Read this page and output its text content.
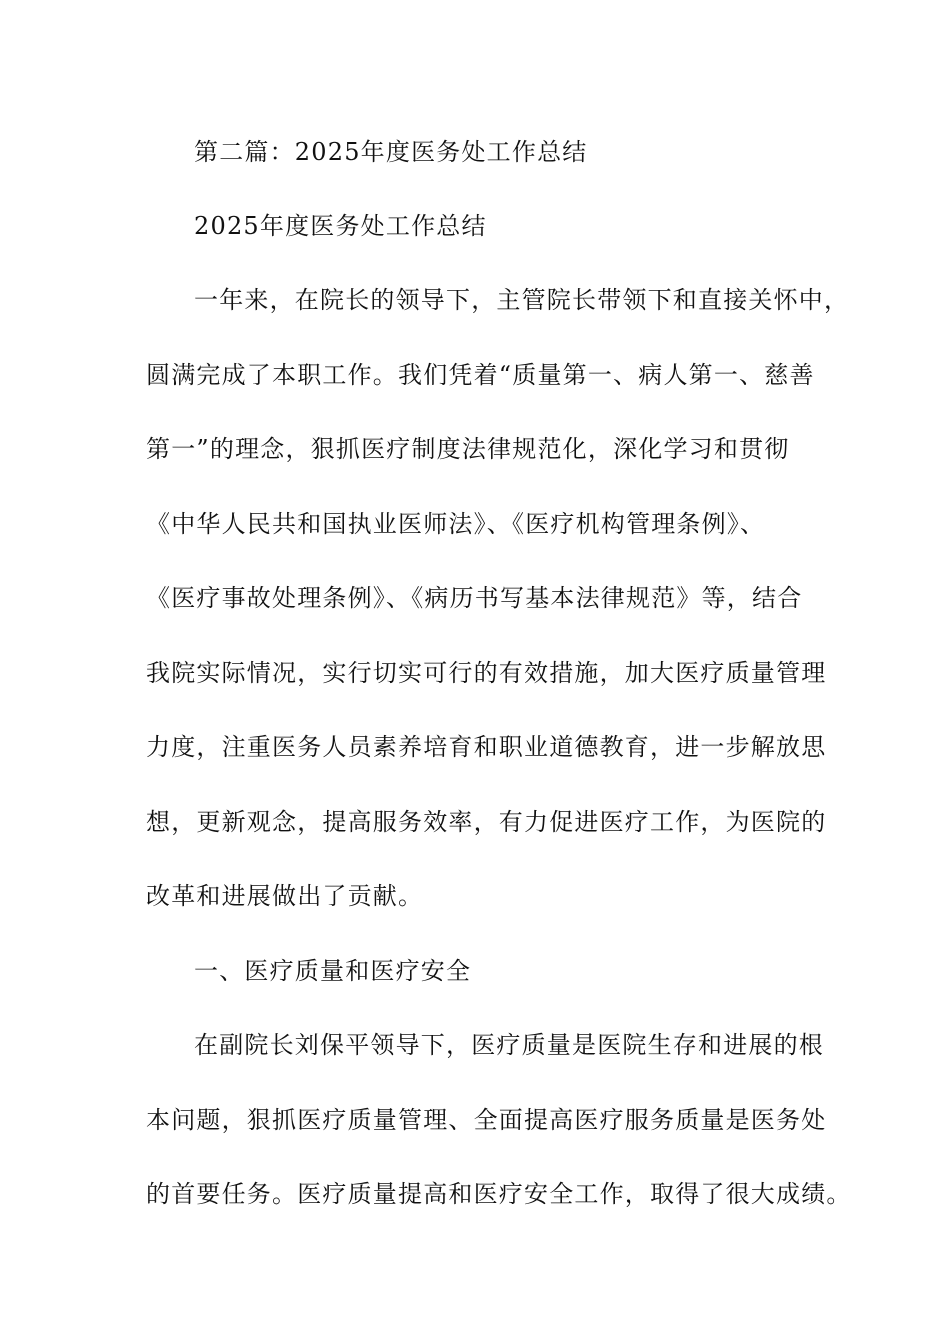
第二篇：2025年度医务处工作总结
2025年度医务处工作总结
一年来，在院长的领导下，主管院长带领下和直接关怀中，
圆满完成了本职工作。我们凭着“质量第一、病人第一、慈善
第一”的理念，狠抓医疗制度法律规范化，深化学习和贯彻
《中华人民共和国执业医师法》、《医疗机构管理条例》、
《医疗事故处理条例》、《病历书写基本法律规范》等，结合
我院实际情况，实行切实可行的有效措施，加大医疗质量管理
力度，注重医务人员素养培育和职业道德教育，进一步解放思
想，更新观念，提高服务效率，有力促进医疗工作，为医院的
改革和进展做出了贡献。
一、医疗质量和医疗安全
在副院长刘保平领导下，医疗质量是医院生存和进展的根
本问题，狠抓医疗质量管理、全面提高医疗服务质量是医务处
的首要任务。医疗质量提高和医疗安全工作，取得了很大成绩。
